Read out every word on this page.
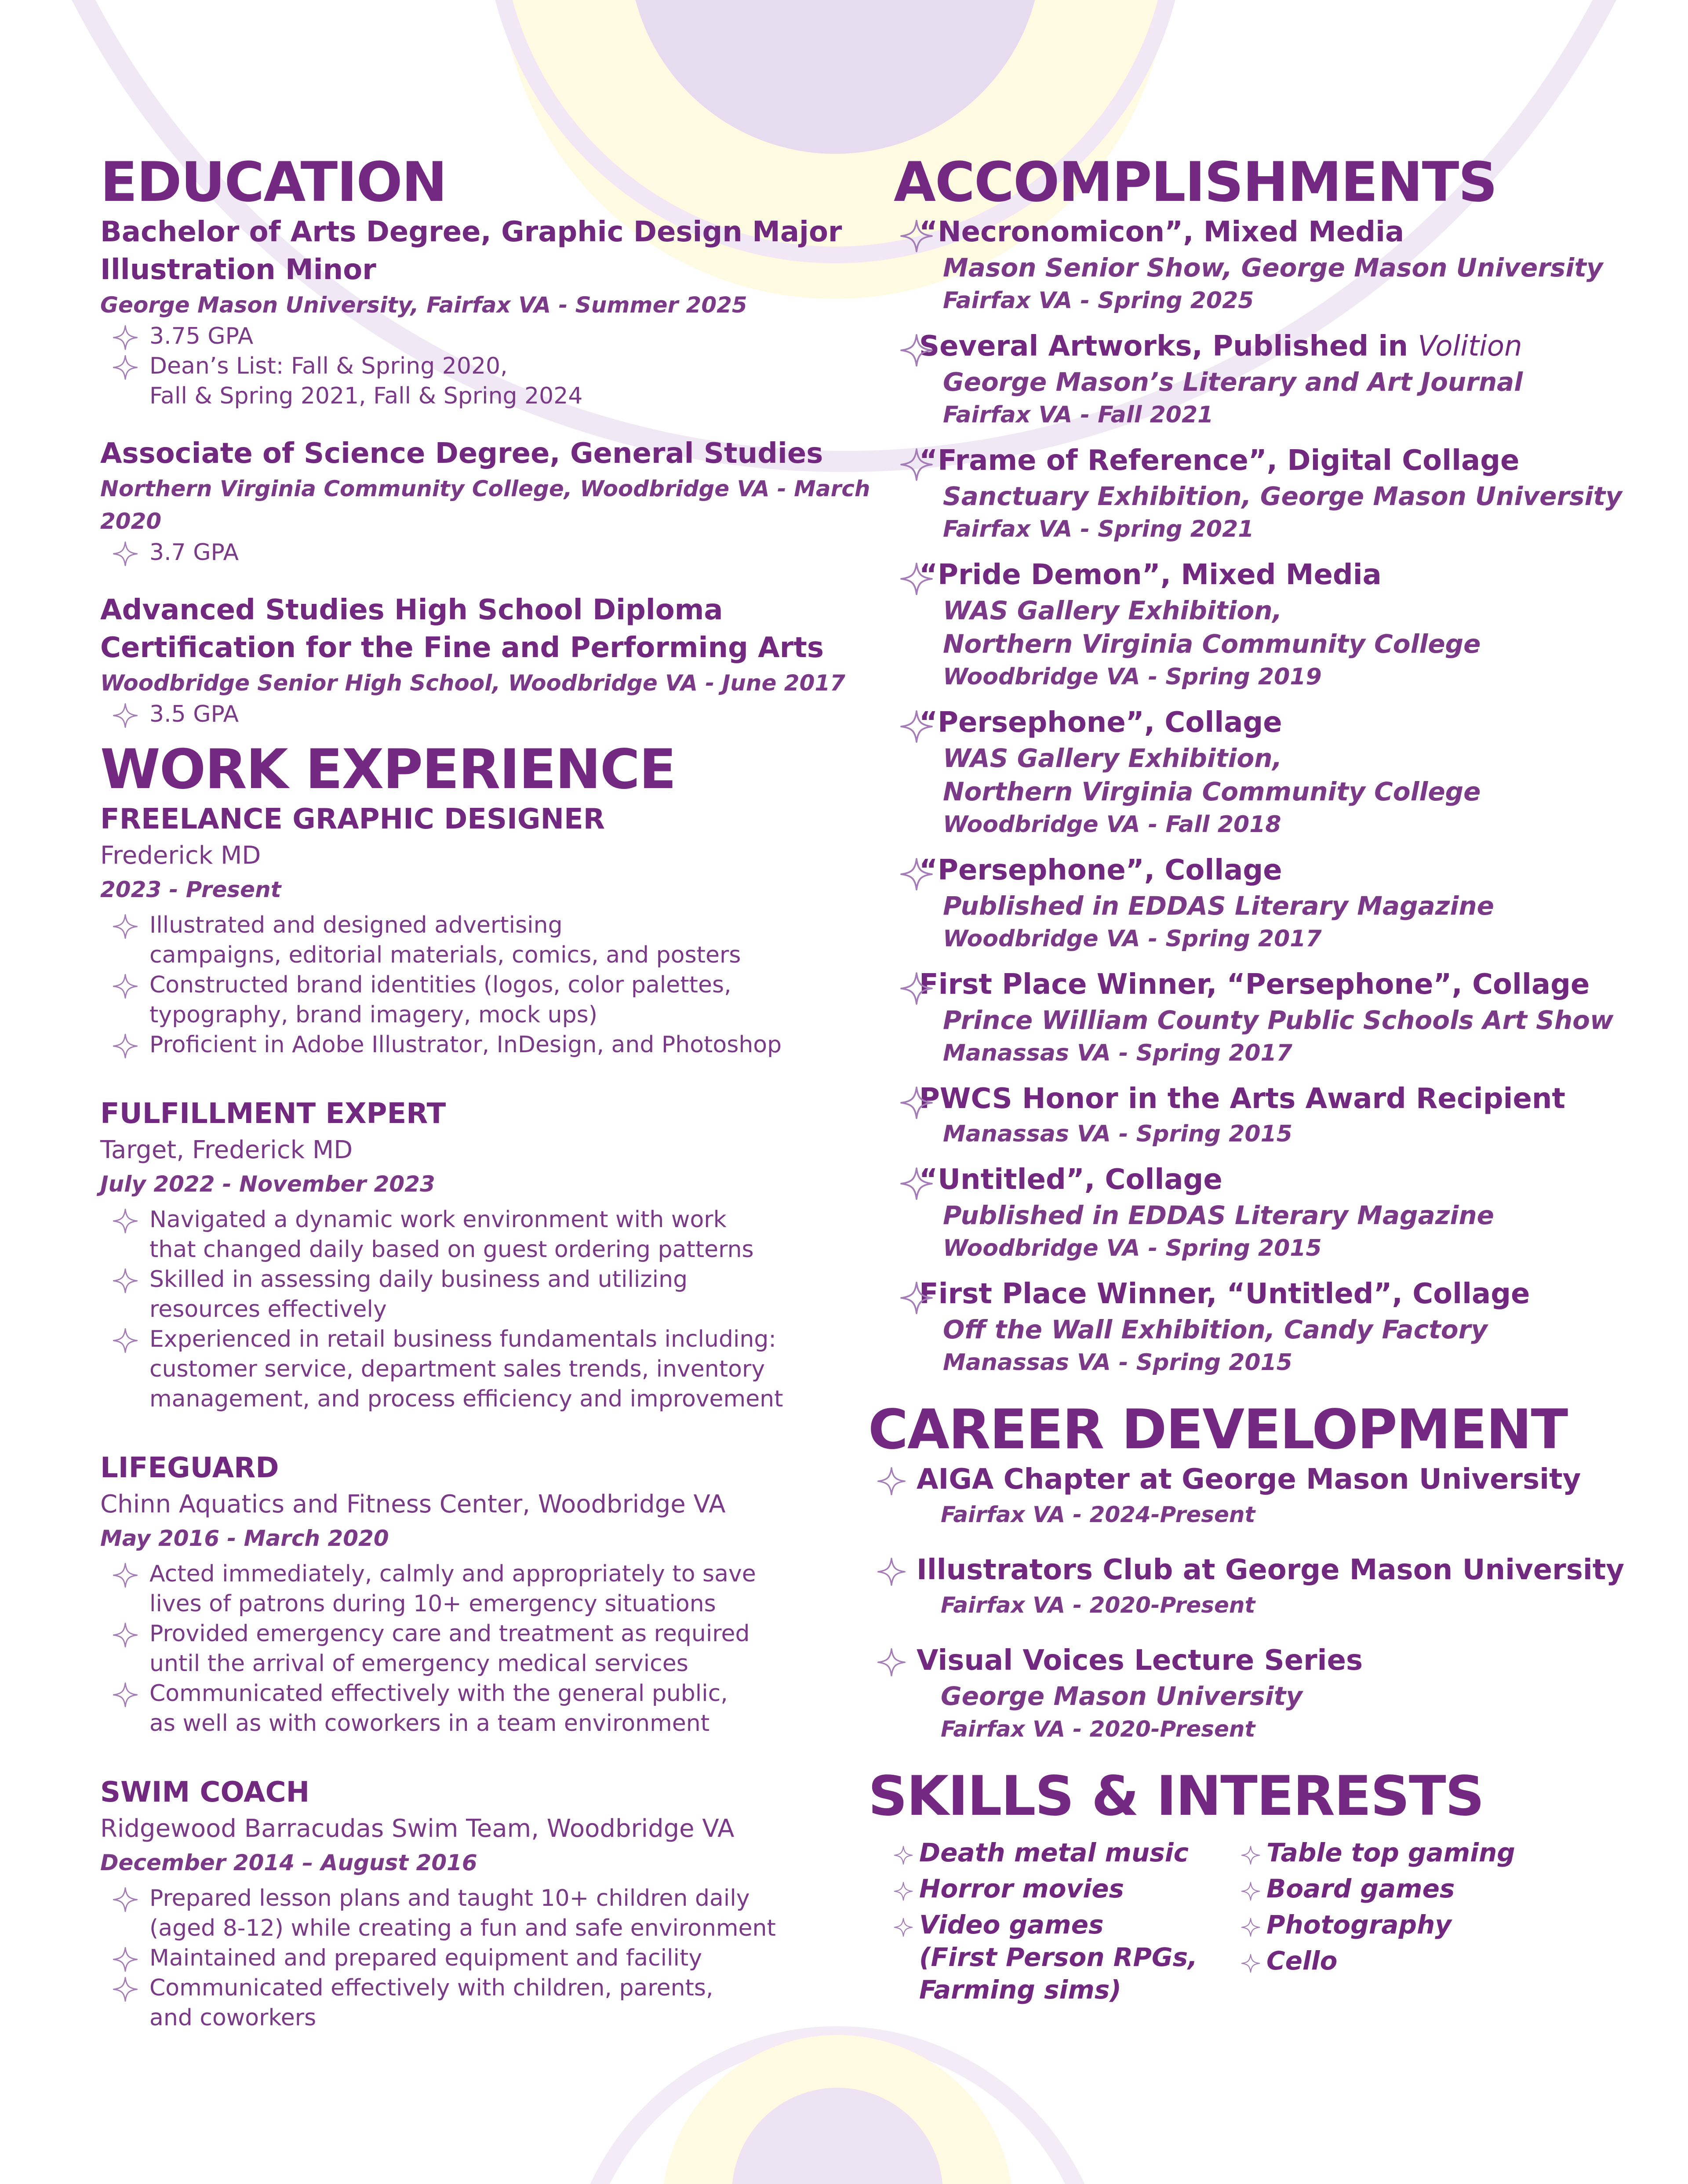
EDUCATION
Bachelor of Arts Degree, Graphic Design Major
Illustration Minor
George Mason University, Fairfax VA - Summer 2025
3.75 GPA
Dean’s List: Fall & Spring 2020,
Fall & Spring 2021, Fall & Spring 2024
Associate of Science Degree, General Studies
Northern Virginia Community College, Woodbridge VA - March 2020
3.7 GPA
Advanced Studies High School Diploma
Certification for the Fine and Performing Arts
Woodbridge Senior High School, Woodbridge VA - June 2017
3.5 GPA
WORK EXPERIENCE
FREELANCE GRAPHIC DESIGNER
Frederick MD
2023 - Present
Illustrated and designed advertising
campaigns, editorial materials, comics, and posters
Constructed brand identities (logos, color palettes,
typography, brand imagery, mock ups)
Proficient in Adobe Illustrator, InDesign, and Photoshop
FULFILLMENT EXPERT
Target, Frederick MD
July 2022 - November 2023
Navigated a dynamic work environment with work
that changed daily based on guest ordering patterns
Skilled in assessing daily business and utilizing
resources effectively
Experienced in retail business fundamentals including:
customer service, department sales trends, inventory
management, and process efficiency and improvement
LIFEGUARD
Chinn Aquatics and Fitness Center, Woodbridge VA
May 2016 - March 2020
Acted immediately, calmly and appropriately to save
lives of patrons during 10+ emergency situations
Provided emergency care and treatment as required
until the arrival of emergency medical services
Communicated effectively with the general public,
as well as with coworkers in a team environment
SWIM COACH
Ridgewood Barracudas Swim Team, Woodbridge VA
December 2014 – August 2016
Prepared lesson plans and taught 10+ children daily
(aged 8-12) while creating a fun and safe environment
Maintained and prepared equipment and facility
Communicated effectively with children, parents,
and coworkers
ACCOMPLISHMENTS
“Necronomicon”, Mixed Media
Mason Senior Show, George Mason University
Fairfax VA - Spring 2025
Several Artworks, Published in Volition
George Mason’s Literary and Art Journal
Fairfax VA - Fall 2021
“Frame of Reference”, Digital Collage
Sanctuary Exhibition, George Mason University
Fairfax VA - Spring 2021
“Pride Demon”, Mixed Media
WAS Gallery Exhibition,
Northern Virginia Community College
Woodbridge VA - Spring 2019
“Persephone”, Collage
WAS Gallery Exhibition,
Northern Virginia Community College
Woodbridge VA - Fall 2018
“Persephone”, Collage
Published in EDDAS Literary Magazine
Woodbridge VA - Spring 2017
First Place Winner, “Persephone”, Collage
Prince William County Public Schools Art Show
Manassas VA - Spring 2017
PWCS Honor in the Arts Award Recipient
Manassas VA - Spring 2015
“Untitled”, Collage
Published in EDDAS Literary Magazine
Woodbridge VA - Spring 2015
First Place Winner, “Untitled”, Collage
Off the Wall Exhibition, Candy Factory
Manassas VA - Spring 2015
CAREER DEVELOPMENT
AIGA Chapter at George Mason University
Fairfax VA - 2024-Present
Illustrators Club at George Mason University
Fairfax VA - 2020-Present
Visual Voices Lecture Series
George Mason University
Fairfax VA - 2020-Present
SKILLS & INTERESTS
Death metal music
Horror movies
Video games
(First Person RPGs,
Farming sims)
Table top gaming
Board games
Photography
Cello
